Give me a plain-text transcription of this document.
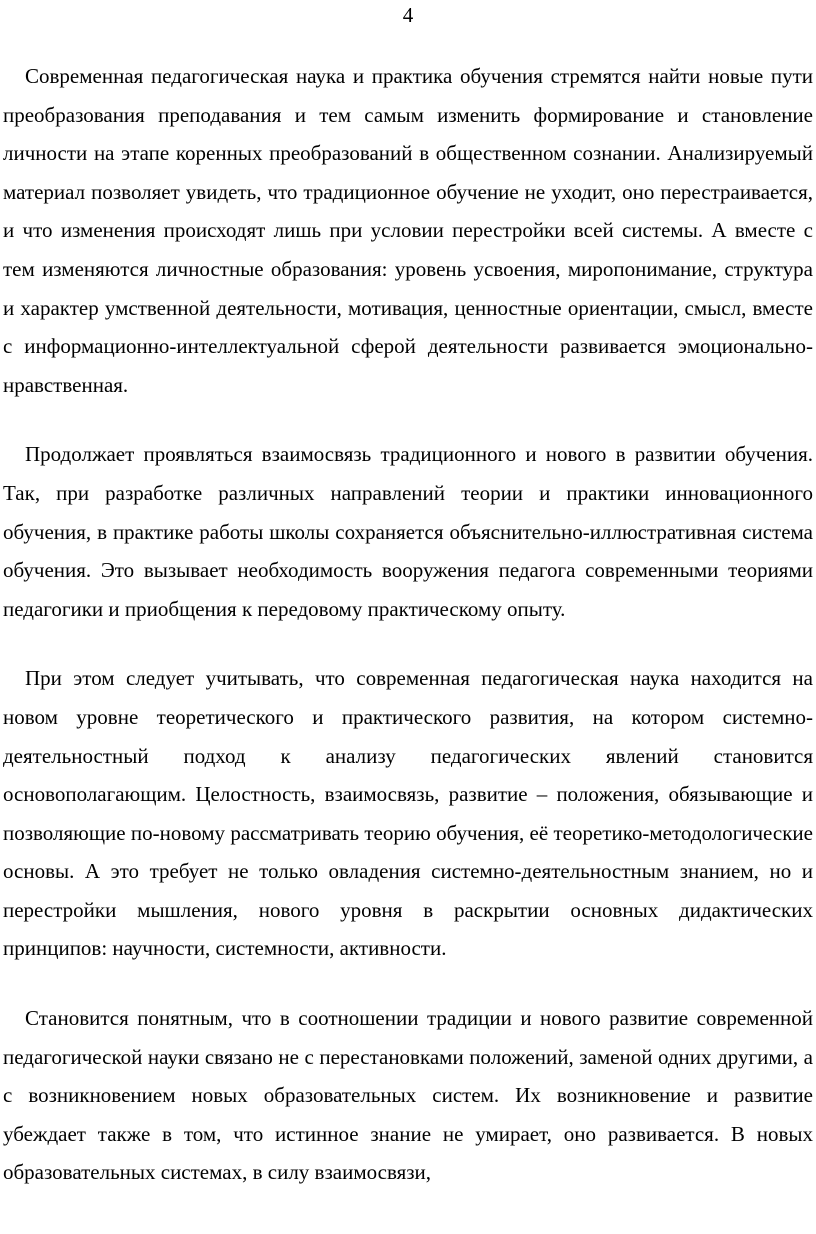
4

Современная педагогическая наука и практика обучения стремятся найти новые пути преобразования преподавания и тем самым изменить формирование и становление личности на этапе коренных преобразований в общественном сознании. Анализируемый материал позволяет увидеть, что традиционное обучение не уходит, оно перестраивается, и что изменения происходят лишь при условии перестройки всей системы. А вместе с тем изменяются личностные образования: уровень усвоения, миропонимание, структура и характер умственной деятельности, мотивация, ценностные ориентации, смысл, вместе с информационно-интеллектуальной сферой деятельности развивается эмоционально-нравственная.

Продолжает проявляться взаимосвязь традиционного и нового в развитии обучения. Так, при разработке различных направлений теории и практики инновационного обучения, в практике работы школы сохраняется объяснительно-иллюстративная система обучения. Это вызывает необходимость вооружения педагога современными теориями педагогики и приобщения к передовому практическому опыту.

При этом следует учитывать, что современная педагогическая наука находится на новом уровне теоретического и практического развития, на котором системно-деятельностный подход к анализу педагогических явлений становится основополагающим. Целостность, взаимосвязь, развитие – положения, обязывающие и позволяющие по-новому рассматривать теорию обучения, её теоретико-методологические основы. А это требует не только овладения системно-деятельностным знанием, но и перестройки мышления, нового уровня в раскрытии основных дидактических принципов: научности, системности, активности.

Становится понятным, что в соотношении традиции и нового развитие современной педагогической науки связано не с перестановками положений, заменой одних другими, а с возникновением новых образовательных систем. Их возникновение и развитие убеждает также в том, что истинное знание не умирает, оно развивается. В новых образовательных системах, в силу взаимосвязи,
